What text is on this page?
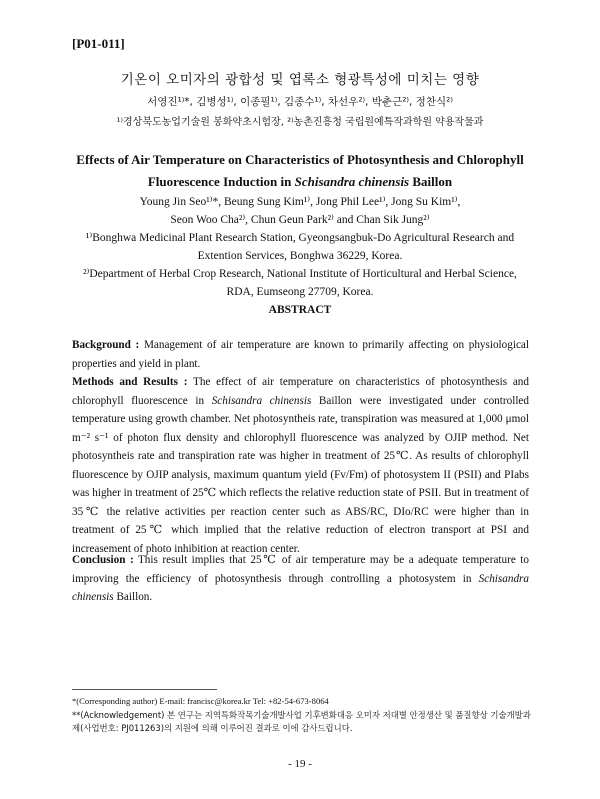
[P01-011]
기온이 오미자의 광합성 및 엽록소 형광특성에 미치는 영향
서영진¹⁾*, 김병성¹⁾, 이종필¹⁾, 김종수¹⁾, 차선우²⁾, 박춘근²⁾, 정찬식²⁾
¹⁾경상북도농업기술원 봉화약초시험장, ²⁾농촌진흥청 국립원예특작과학원 약용작물과
Effects of Air Temperature on Characteristics of Photosynthesis and Chlorophyll
Fluorescence Induction in Schisandra chinensis Baillon
Young Jin Seo¹⁾*, Beung Sung Kim¹⁾, Jong Phil Lee¹⁾, Jong Su Kim¹⁾,
Seon Woo Cha²⁾, Chun Geun Park²⁾ and Chan Sik Jung²⁾
¹⁾Bonghwa Medicinal Plant Research Station, Gyeongsangbuk-Do Agricultural Research and
Extention Services, Bonghwa 36229, Korea.
²⁾Department of Herbal Crop Research, National Institute of Horticultural and Herbal Science,
RDA, Eumseong 27709, Korea.
ABSTRACT
Background : Management of air temperature are known to primarily affecting on physiological properties and yield in plant.
Methods and Results : The effect of air temperature on characteristics of photosynthesis and chlorophyll fluorescence in Schisandra chinensis Baillon were investigated under controlled temperature using growth chamber. Net photosyntheis rate, transpiration was measured at 1,000 μmol m⁻² s⁻¹ of photon flux density and chlorophyll fluorescence was analyzed by OJIP method. Net photosyntheis rate and transpiration rate was higher in treatment of 25℃. As results of chlorophyll fluorescence by OJIP analysis, maximum quantum yield (Fv/Fm) of photosystem II (PSII) and PIabs was higher in treatment of 25℃ which reflects the relative reduction state of PSII. But in treatment of 35℃ the relative activities per reaction center such as ABS/RC, DIo/RC were higher than in treatment of 25℃ which implied that the relative reduction of electron transport at PSI and increasement of photo inhibition at reaction center.
Conclusion : This result implies that 25℃ of air temperature may be a adequate temperature to improving the efficiency of photosynthesis through controlling a photosystem in Schisandra chinensis Baillon.
*(Corresponding author) E-mail: francisc@korea.kr Tel: +82-54-673-8064
**(Acknowledgement) 본 연구는 지역특화작목기술개발사업 기후변화대응 오미자 저대별 안정생산 및 품질향상 기술개발과제(사업번호: PJ011263)의 지원에 의해 이루어진 결과로 이에 감사드립니다.
- 19 -
